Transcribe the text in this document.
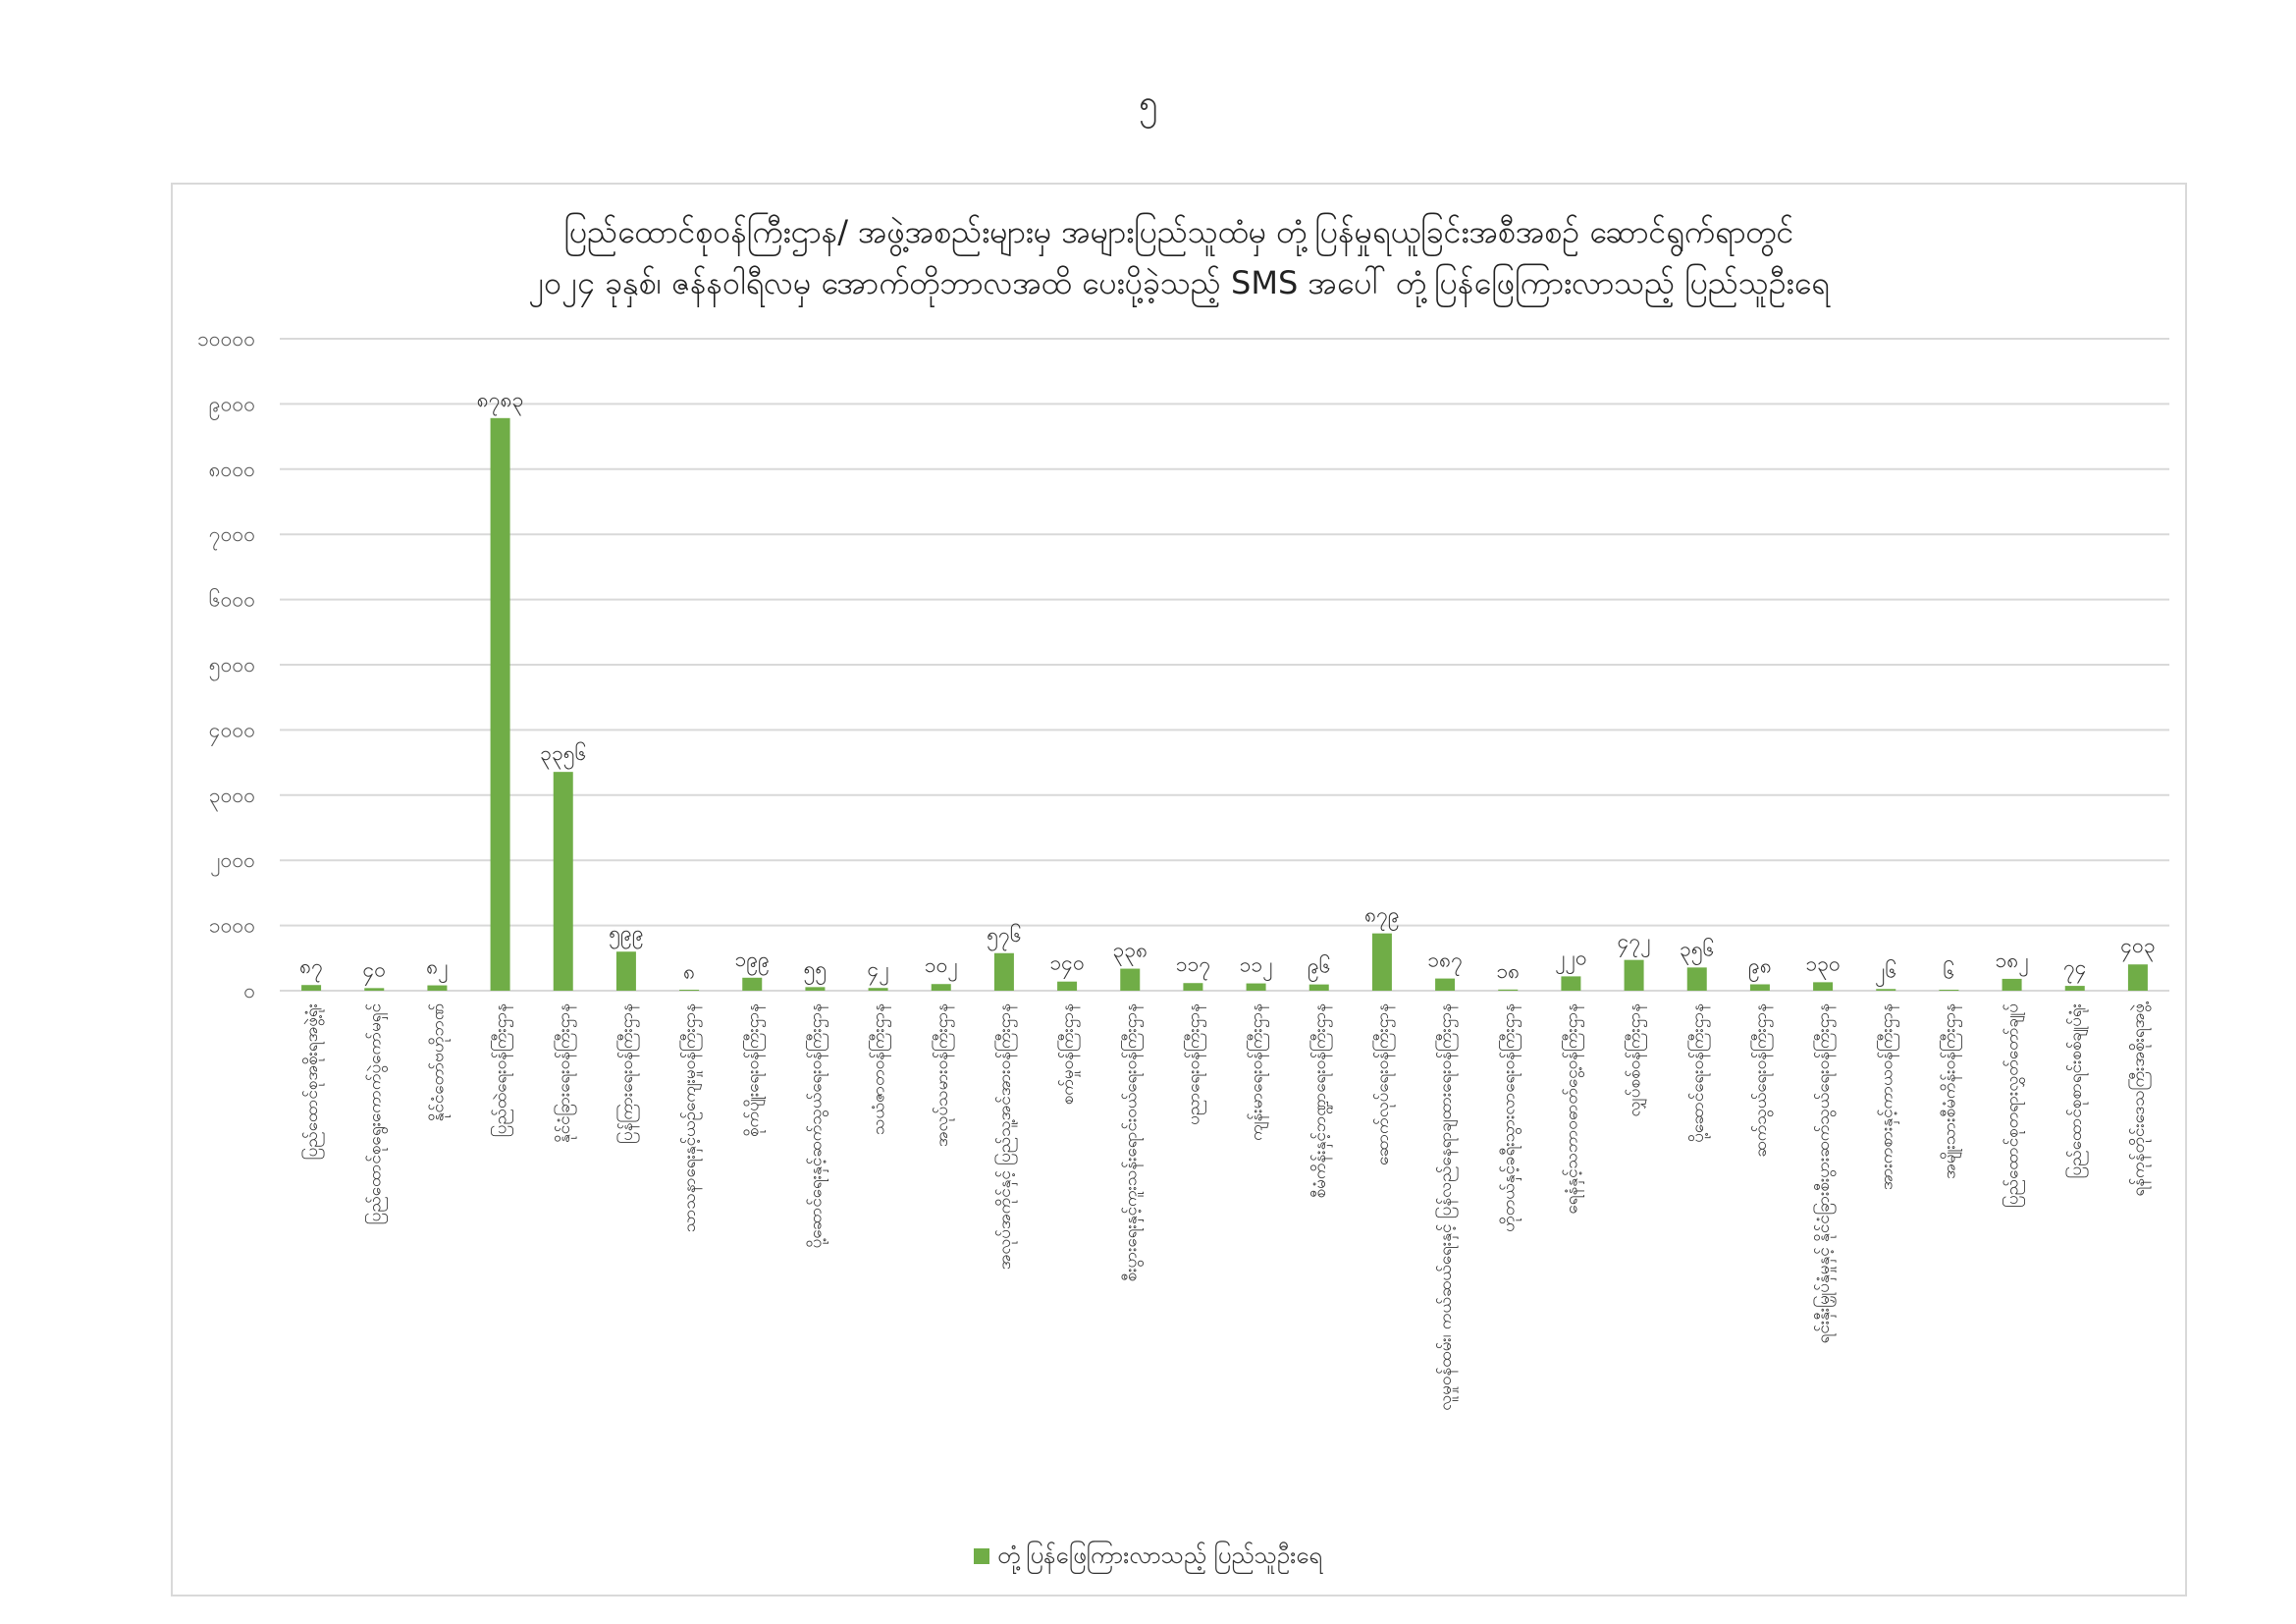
၅
ပြည်ထောင်စုဝန်ကြီးဌာန/ အဖွဲ့အစည်းများမှ အများပြည်သူထံမှ တုံ့ပြန်မှုရယူခြင်းအစီအစဉ် ဆောင်ရွက်ရာတွင်
၂၀၂၄ ခုနှစ်၊ ဇန်နဝါရီလမှ အောက်တိုဘာလအထိ ပေးပို့ခဲ့သည့် SMS အပေါ် တုံ့ပြန်ဖြေကြားလာသည့် ပြည်သူဦးရေ
၀
၁၀၀၀
၂၀၀၀
၃၀၀၀
၄၀၀၀
၅၀၀၀
၆၀၀၀
၇၀၀၀
၈၀၀၀
၉၀၀၀
၁၀၀၀၀
၈၇ ၄၀ ၈၂
၈၇၈၃
၃၃၅၆
၅၉၉
၈
၁၉၉ ၅၅ ၄၂ ၁၀၂
၅၇၆
၁၄၀
၃၃၈
၁၁၇ ၁၁၂ ၉၆
၈၇၉
၁၈၇ ၁၈
၂၂၀
၄၇၂ ၃၅၆
၉၈ ၁၃၀ ၂၆ ၆ ၁၈၂ ၇၄
၄၀၃
ပြည်ထောင်စုအစိုးရအဖွဲ့ရုံး	ပြည်ထောင်စုရွေးကောက်ပွဲကော်မရှင်	နိုင်ငံတော်ဗဟိုဘဏ်	ပြည်ထဲရေးဝန်ကြီးဌာန	နိုင်ငံခြားရေးဝန်ကြီးဌာန	ပြန်ကြားရေးဝန်ကြီးဌာန	သာသနာရေးနှင့်ယဉ်ကျေးမှုဝန်ကြီးဌာန	စိုက်ပျိုးရေးဝန်ကြီးဌာန	ပို့ဆောင်ရေးနှင့်ဆက်သွယ်ရေးဝန်ကြီးဌာန	သယံဇာတဝန်ကြီးဌာန	အလုပ်သမားဝန်ကြီးဌာန	အလုပ်အကိုင်နှင့် ပြည်သူ့အင်အားဝန်ကြီးဌာန	စက်မှုဝန်ကြီးဌာန	စီးပွားရေးနှင့်ကူးသန်းရောင်းဝယ်ရေးဝန်ကြီးဌာန	ပညာရေးဝန်ကြီးဌာန	ကျန်းမာရေးဝန်ကြီးဌာန	စီမံကိန်းနှင့်ဘဏ္ဍာရေးဝန်ကြီးဌာန	ဆောက်လုပ်ရေးဝန်ကြီးဌာန	လူမှုဝန်ထမ်း၊ ကယ်ဆယ်ရေးနှင့် ပြန်လည်နေရာချထားရေးဝန်ကြီးဌာန	ဟိုတယ်နှင့်ခရီးသွားလာရေးဝန်ကြီးဌာန	ရေနံနှင့်သဘာဝဓာတ်ငွေ့ဝန်ကြီးဌာန	လျှပ်စစ်ဝန်ကြီးဌာန	ပို့ဆောင်ရေးဝန်ကြီးဌာန	ဆက်သွယ်ရေးဝန်ကြီးဌာန	ရင်းနှီးမြှုပ်နှံမှုနှင့် နိုင်ငံခြားစီးပွားဆက်သွယ်ရေးဝန်ကြီးဌာန	အားကစားနှင့်ကာယဝန်ကြီးဌာန	အမျိုးသားစီမံကိန်းဝန်ကြီးဌာန	ပြည်ထောင်စုတရားလွှတ်တော်ချုပ်	ပြည်ထောင်စုစာရင်းစစ်ချုပ်ရုံး	ရန်ကုန်တိုင်းဒေသကြီးအစိုးရအဖွဲ့
တုံ့ပြန်ဖြေကြားလာသည့် ပြည်သူဦးရေ
